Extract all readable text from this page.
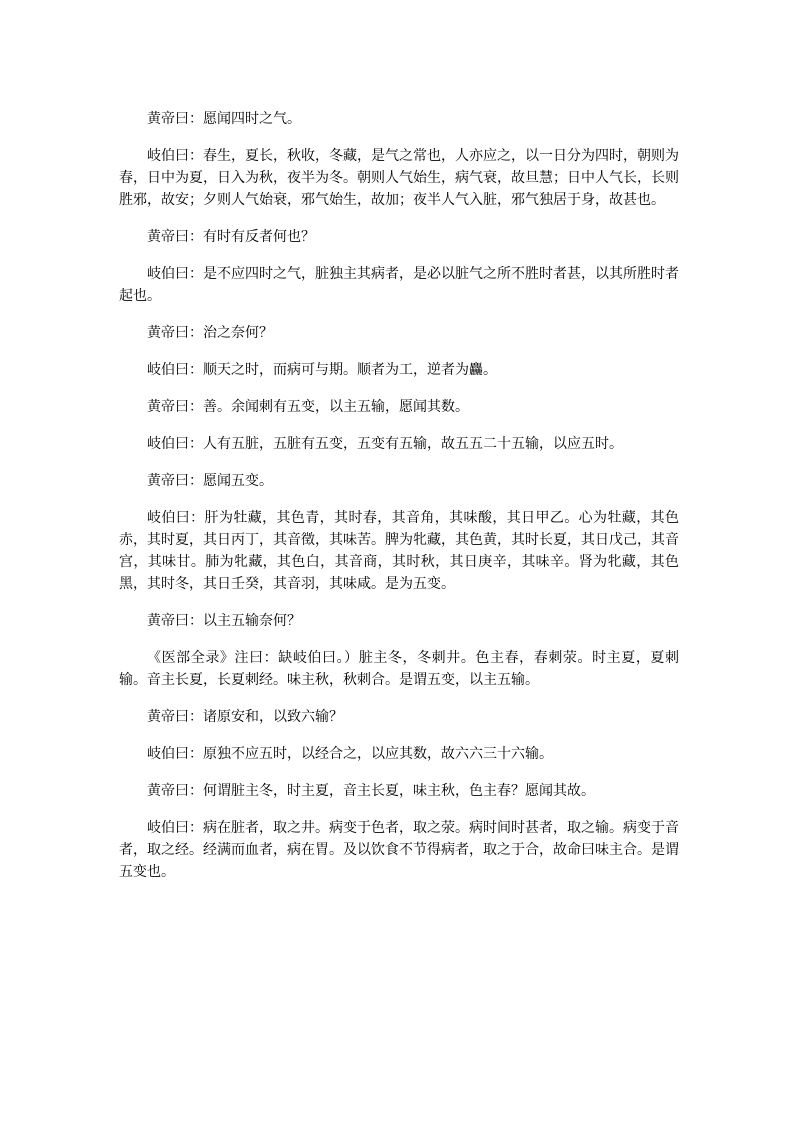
黄帝曰：愿闻四时之气。

岐伯曰：春生，夏长，秋收，冬藏，是气之常也，人亦应之，以一日分为四时，朝则为春，日中为夏，日入为秋，夜半为冬。朝则人气始生，病气衰，故旦慧；日中人气长，长则胜邪，故安；夕则人气始衰，邪气始生，故加；夜半人气入脏，邪气独居于身，故甚也。

黄帝曰：有时有反者何也？

岐伯曰：是不应四时之气，脏独主其病者，是必以脏气之所不胜时者甚，以其所胜时者起也。

黄帝曰：治之奈何？

岐伯曰：顺天之时，而病可与期。顺者为工，逆者为麤。

黄帝曰：善。余闻刺有五变，以主五输，愿闻其数。

岐伯曰：人有五脏，五脏有五变，五变有五输，故五五二十五输，以应五时。

黄帝曰：愿闻五变。

岐伯曰：肝为牡藏，其色青，其时春，其音角，其味酸，其日甲乙。心为牡藏，其色赤，其时夏，其日丙丁，其音徵，其味苦。脾为牝藏，其色黄，其时长夏，其日戊己，其音宫，其味甘。肺为牝藏，其色白，其音商，其时秋，其日庚辛，其味辛。肾为牝藏，其色黑，其时冬，其日壬癸，其音羽，其味咸。是为五变。

黄帝曰：以主五输奈何？

《医部全录》注曰：缺岐伯曰。）脏主冬，冬刺井。色主春，春刺荥。时主夏，夏刺输。音主长夏，长夏刺经。味主秋，秋刺合。是谓五变，以主五输。

黄帝曰：诸原安和，以致六输？

岐伯曰：原独不应五时，以经合之，以应其数，故六六三十六输。

黄帝曰：何谓脏主冬，时主夏，音主长夏，味主秋，色主春？愿闻其故。

岐伯曰：病在脏者，取之井。病变于色者，取之荥。病时间时甚者，取之输。病变于音者，取之经。经满而血者，病在胃。及以饮食不节得病者，取之于合，故命曰味主合。是谓五变也。
